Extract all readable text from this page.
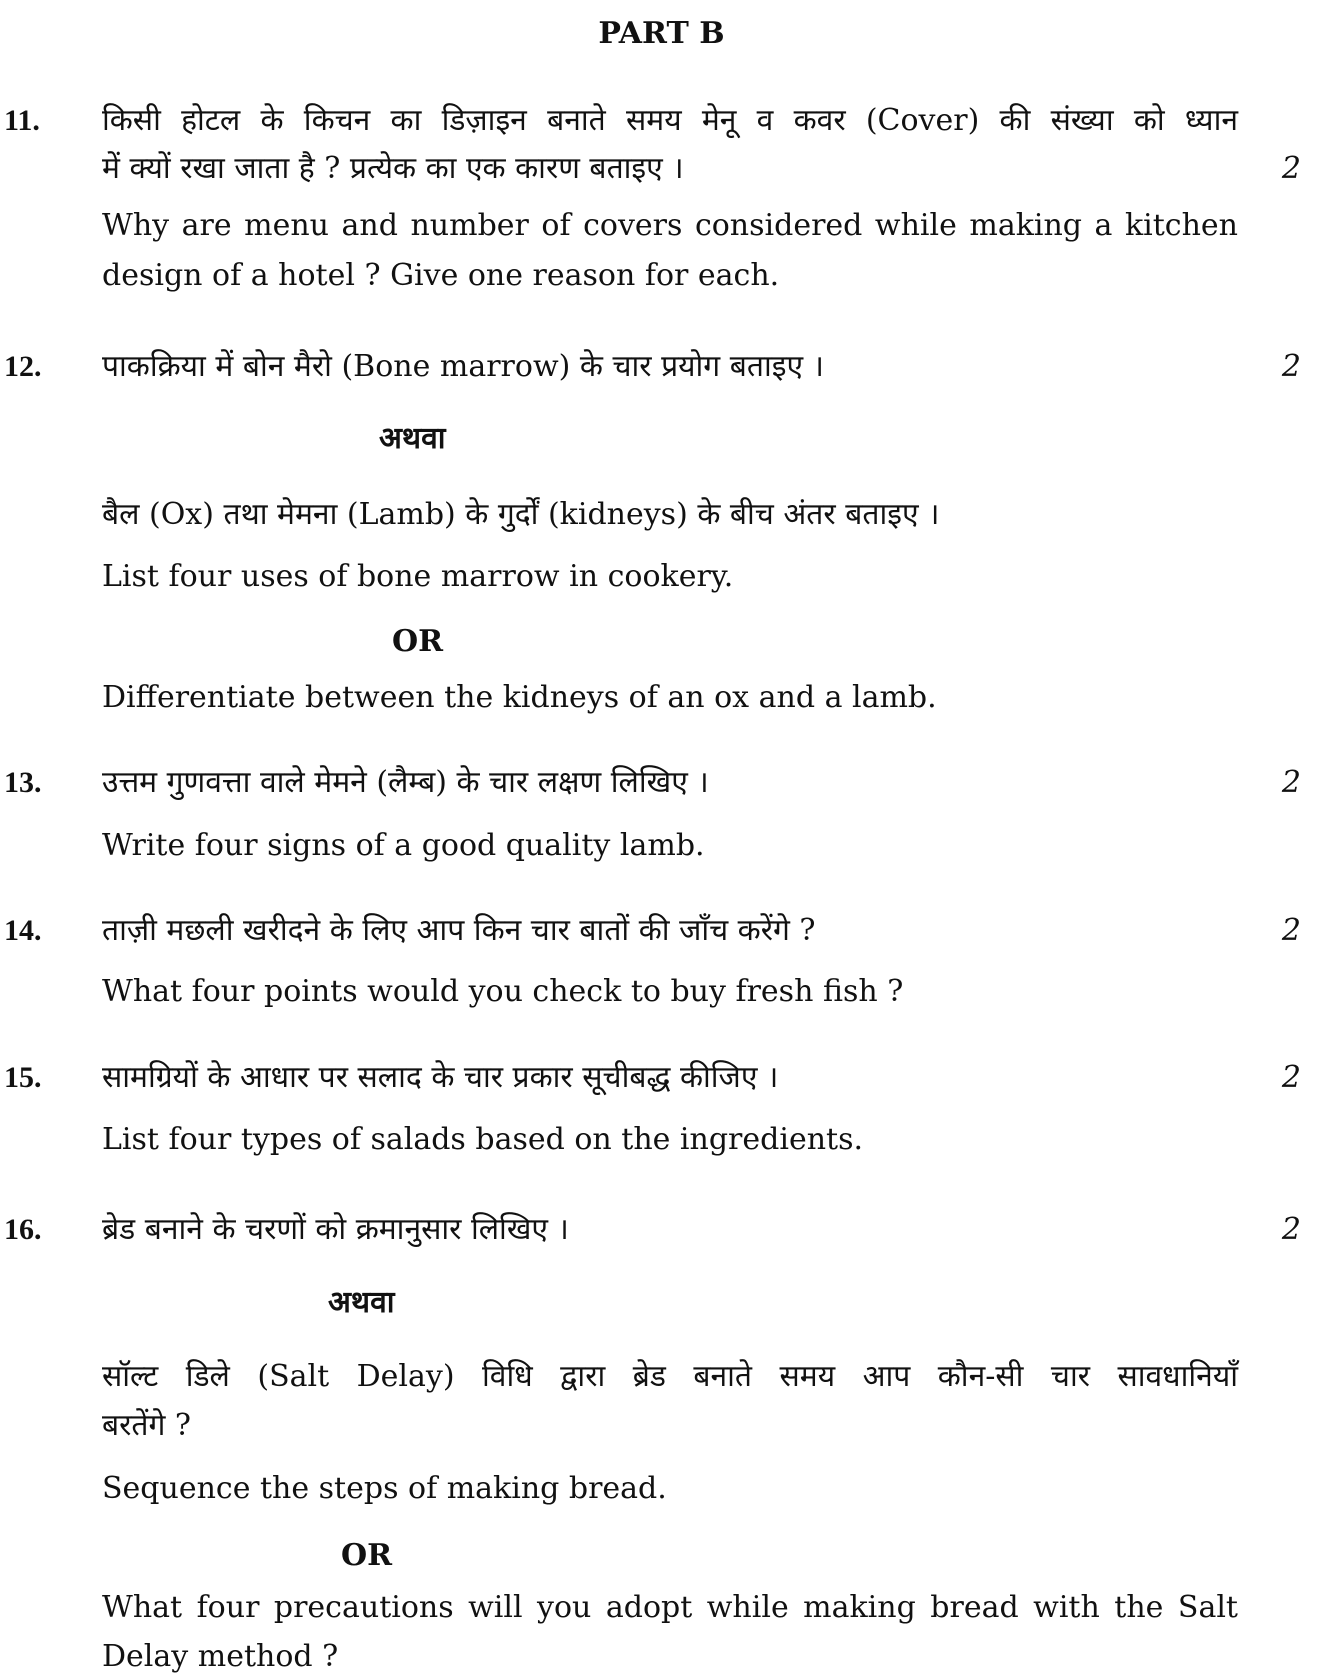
PART B
11. किसी होटल के किचन का डिज़ाइन बनाते समय मेनू व कवर (Cover) की संख्या को ध्यान
में क्यों रखा जाता है ? प्रत्येक का एक कारण बताइए ।	2
Why are menu and number of covers considered while making a kitchen
design of a hotel ? Give one reason for each.
12. पाकक्रिया में बोन मैरो (Bone marrow) के चार प्रयोग बताइए ।	2
अथवा
बैल (Ox) तथा मेमना (Lamb) के गुर्दों (kidneys) के बीच अंतर बताइए ।
List four uses of bone marrow in cookery.
OR
Differentiate between the kidneys of an ox and a lamb.
13. उत्तम गुणवत्ता वाले मेमने (लैम्ब) के चार लक्षण लिखिए ।	2
Write four signs of a good quality lamb.
14. ताज़ी मछली खरीदने के लिए आप किन चार बातों की जाँच करेंगे ?	2
What four points would you check to buy fresh fish ?
15. सामग्रियों के आधार पर सलाद के चार प्रकार सूचीबद्ध कीजिए ।	2
List four types of salads based on the ingredients.
16. ब्रेड बनाने के चरणों को क्रमानुसार लिखिए ।	2
अथवा
सॉल्ट डिले (Salt Delay) विधि द्वारा ब्रेड बनाते समय आप कौन-सी चार सावधानियाँ
बरतेंगे ?
Sequence the steps of making bread.
OR
What four precautions will you adopt while making bread with the Salt
Delay method ?
